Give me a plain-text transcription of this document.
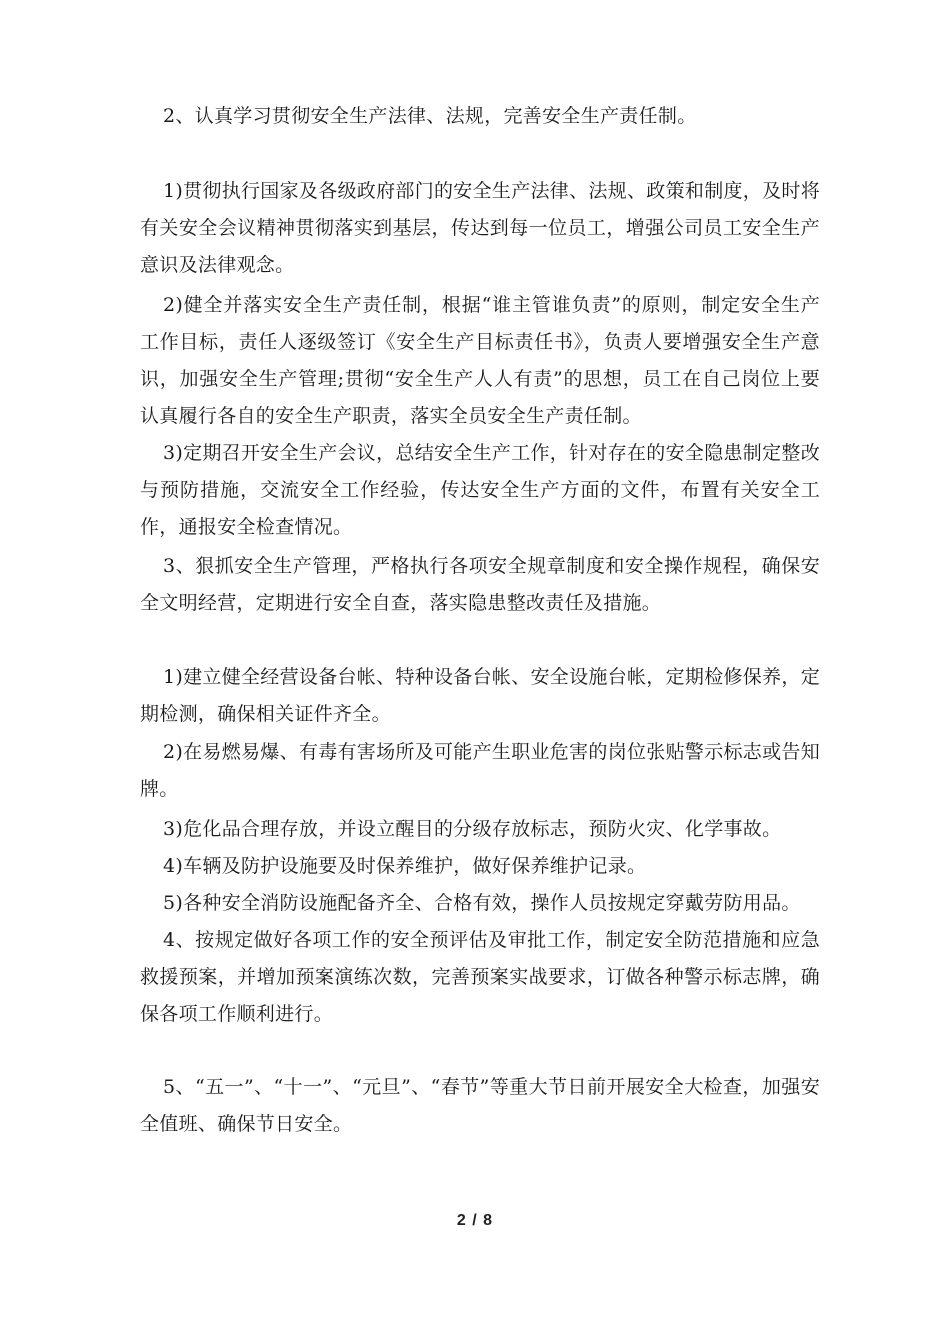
2、认真学习贯彻安全生产法律、法规，完善安全生产责任制。

1)贯彻执行国家及各级政府部门的安全生产法律、法规、政策和制度，及时将有关安全会议精神贯彻落实到基层，传达到每一位员工，增强公司员工安全生产意识及法律观念。

2)健全并落实安全生产责任制，根据“谁主管谁负责”的原则，制定安全生产工作目标，责任人逐级签订《安全生产目标责任书》，负责人要增强安全生产意识，加强安全生产管理;贯彻“安全生产人人有责”的思想，员工在自己岗位上要认真履行各自的安全生产职责，落实全员安全生产责任制。

3)定期召开安全生产会议，总结安全生产工作，针对存在的安全隐患制定整改与预防措施，交流安全工作经验，传达安全生产方面的文件，布置有关安全工作，通报安全检查情况。

3、狠抓安全生产管理，严格执行各项安全规章制度和安全操作规程，确保安全文明经营，定期进行安全自查，落实隐患整改责任及措施。

1)建立健全经营设备台帐、特种设备台帐、安全设施台帐，定期检修保养，定期检测，确保相关证件齐全。

2)在易燃易爆、有毒有害场所及可能产生职业危害的岗位张贴警示标志或告知牌。

3)危化品合理存放，并设立醒目的分级存放标志，预防火灾、化学事故。

4)车辆及防护设施要及时保养维护，做好保养维护记录。

5)各种安全消防设施配备齐全、合格有效，操作人员按规定穿戴劳防用品。

4、按规定做好各项工作的安全预评估及审批工作，制定安全防范措施和应急救援预案，并增加预案演练次数，完善预案实战要求，订做各种警示标志牌，确保各项工作顺利进行。

5、“五一”、“十一”、“元旦”、“春节”等重大节日前开展安全大检查，加强安全值班、确保节日安全。

2 / 8
